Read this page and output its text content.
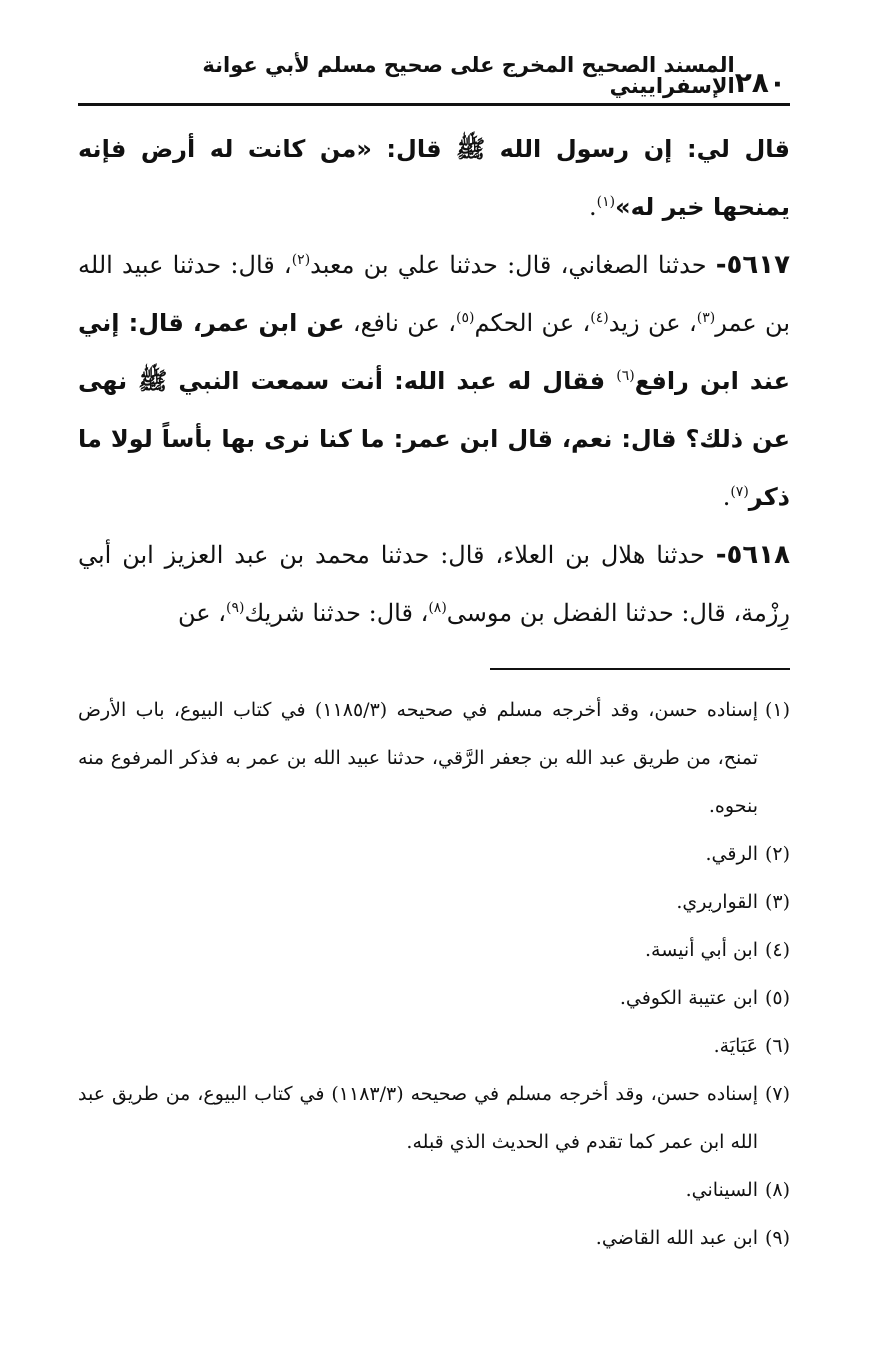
٢٨٠
المسند الصحيح المخرج على صحيح مسلم لأبي عوانة الإسفراييني

قال لي: إن رسول الله ﷺ قال: «من كانت له أرض فإنه يمنحها خير له»$^{(١)}$.

٥٦١٧- حدثنا الصغاني، قال: حدثنا علي بن معبد$^{(٢)}$، قال: حدثنا عبيد الله بن عمر$^{(٣)}$، عن زيد$^{(٤)}$، عن الحكم$^{(٥)}$، عن نافع، عن ابن عمر، قال: إني عند ابن رافع$^{(٦)}$ فقال له عبد الله: أنت سمعت النبي ﷺ نهى عن ذلك؟ قال: نعم، قال ابن عمر: ما كنا نرى بها بأساً لولا ما ذكر$^{(٧)}$.

٥٦١٨- حدثنا هلال بن العلاء، قال: حدثنا محمد بن عبد العزيز ابن أبي رِزْمة، قال: حدثنا الفضل بن موسى$^{(٨)}$، قال: حدثنا شريك$^{(٩)}$، عن

(١)
إسناده حسن، وقد أخرجه مسلم في صحيحه (١١٨٥/٣) في كتاب البيوع، باب الأرض تمنح، من طريق عبد الله بن جعفر الرَّقي، حدثنا عبيد الله بن عمر به فذكر المرفوع منه بنحوه.
(٢)
الرقي.
(٣)
القواريري.
(٤)
ابن أبي أنيسة.
(٥)
ابن عتيبة الكوفي.
(٦)
عَبَايَة.
(٧)
إسناده حسن، وقد أخرجه مسلم في صحيحه (١١٨٣/٣) في كتاب البيوع، من طريق عبد الله ابن عمر كما تقدم في الحديث الذي قبله.
(٨)
السيناني.
(٩)
ابن عبد الله القاضي.
